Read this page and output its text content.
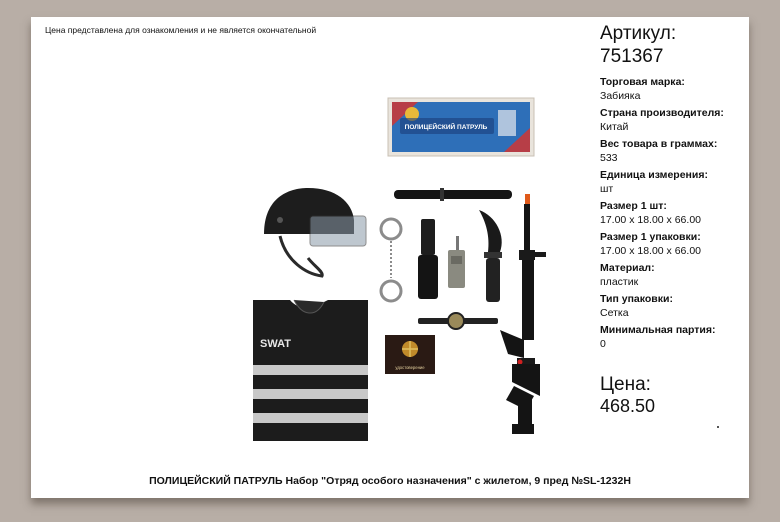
Цена представлена для ознакомления и не является окончательной	Артикул:
751367
Торговая марка:
Забияка
Страна производителя:
Китай
Вес товара в граммах:
533
Единица измерения:
шт
Размер 1 шт:
17.00 x 18.00 x 66.00
Размер 1 упаковки:
17.00 x 18.00 x 66.00
Материал:
пластик
Тип упаковки:
Сетка
Минимальная партия:
0
Цена:
468.50
ПОЛИЦЕЙСКИЙ ПАТРУЛЬ
SWAT
удостоверение
ПОЛИЦЕЙСКИЙ ПАТРУЛЬ Набор "Отряд особого назначения" с жилетом, 9 пред №SL-1232H
